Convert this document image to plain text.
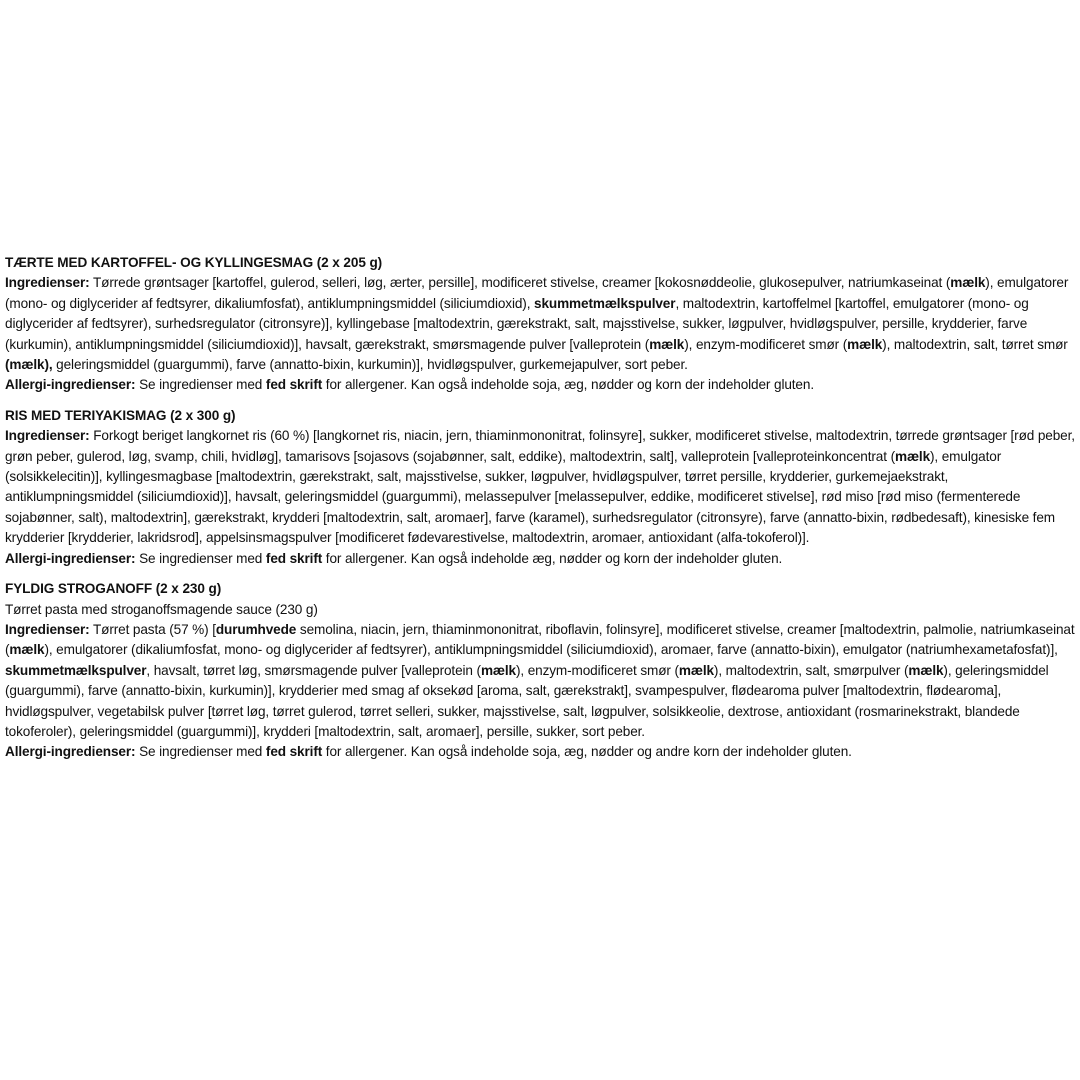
TÆRTE MED KARTOFFEL- OG KYLLINGESMAG (2 x 205 g)
Ingredienser: Tørrede grøntsager [kartoffel, gulerod, selleri, løg, ærter, persille], modificeret stivelse, creamer [kokosnøddeolie, glukosepulver, natriumkaseinat (mælk), emulgatorer (mono- og diglycerider af fedtsyrer, dikaliumfosfat), antiklumpningsmiddel (siliciumdioxid), skummetmælkspulver, maltodextrin, kartoffelmel [kartoffel, emulgatorer (mono- og diglycerider af fedtsyrer), surhedsregulator (citronsyre)], kyllingebase [maltodextrin, gærekstrakt, salt, majsstivelse, sukker, løgpulver, hvidløgspulver, persille, krydderier, farve (kurkumin), antiklumpningsmiddel (siliciumdioxid)], havsalt, gærekstrakt, smørsmagende pulver [valleprotein (mælk), enzym-modificeret smør (mælk), maltodextrin, salt, tørret smør (mælk), geleringsmiddel (guargummi), farve (annatto-bixin, kurkumin)], hvidløgspulver, gurkemejapulver, sort peber.
Allergi-ingredienser: Se ingredienser med fed skrift for allergener. Kan også indeholde soja, æg, nødder og korn der indeholder gluten.
RIS MED TERIYAKISMAG (2 x 300 g)
Ingredienser: Forkogt beriget langkornet ris (60 %) [langkornet ris, niacin, jern, thiaminmononitrat, folinsyre], sukker, modificeret stivelse, maltodextrin, tørrede grøntsager [rød peber, grøn peber, gulerod, løg, svamp, chili, hvidløg], tamarisovs [sojasovs (sojabønner, salt, eddike), maltodextrin, salt], valleprotein [valleproteinkoncentrat (mælk), emulgator (solsikkelecitin)], kyllingesmagbase [maltodextrin, gærekstrakt, salt, majsstivelse, sukker, løgpulver, hvidløgspulver, tørret persille, krydderier, gurkemejaekstrakt, antiklumpningsmiddel (siliciumdioxid)], havsalt, geleringsmiddel (guargummi), melassepulver [melassepulver, eddike, modificeret stivelse], rød miso [rød miso (fermenterede sojabønner, salt), maltodextrin], gærekstrakt, krydderi [maltodextrin, salt, aromaer], farve (karamel), surhedsregulator (citronsyre), farve (annatto-bixin, rødbedesaft), kinesiske fem krydderier [krydderier, lakridsrod], appelsinsmagspulver [modificeret fødevarestivelse, maltodextrin, aromaer, antioxidant (alfa-tokoferol)].
Allergi-ingredienser: Se ingredienser med fed skrift for allergener. Kan også indeholde æg, nødder og korn der indeholder gluten.
FYLDIG STROGANOFF (2 x 230 g)
Tørret pasta med stroganoffsmagende sauce (230 g)
Ingredienser: Tørret pasta (57 %) [durumhvede semolina, niacin, jern, thiaminmononitrat, riboflavin, folinsyre], modificeret stivelse, creamer [maltodextrin, palmolie, natriumkaseinat (mælk), emulgatorer (dikaliumfosfat, mono- og diglycerider af fedtsyrer), antiklumpningsmiddel (siliciumdioxid), aromaer, farve (annatto-bixin), emulgator (natriumhexametafosfat)], skummetmælkspulver, havsalt, tørret løg, smørsmagende pulver [valleprotein (mælk), enzym-modificeret smør (mælk), maltodextrin, salt, smørpulver (mælk), geleringsmiddel (guargummi), farve (annatto-bixin, kurkumin)], krydderier med smag af oksekød [aroma, salt, gærekstrakt], svampespulver, flødearoma pulver [maltodextrin, flødearoma], hvidløgspulver, vegetabilsk pulver [tørret løg, tørret gulerod, tørret selleri, sukker, majsstivelse, salt, løgpulver, solsikkeolie, dextrose, antioxidant (rosmarinekstrakt, blandede tokoferoler), geleringsmiddel (guargummi)], krydderi [maltodextrin, salt, aromaer], persille, sukker, sort peber.
Allergi-ingredienser: Se ingredienser med fed skrift for allergener. Kan også indeholde soja, æg, nødder og andre korn der indeholder gluten.
